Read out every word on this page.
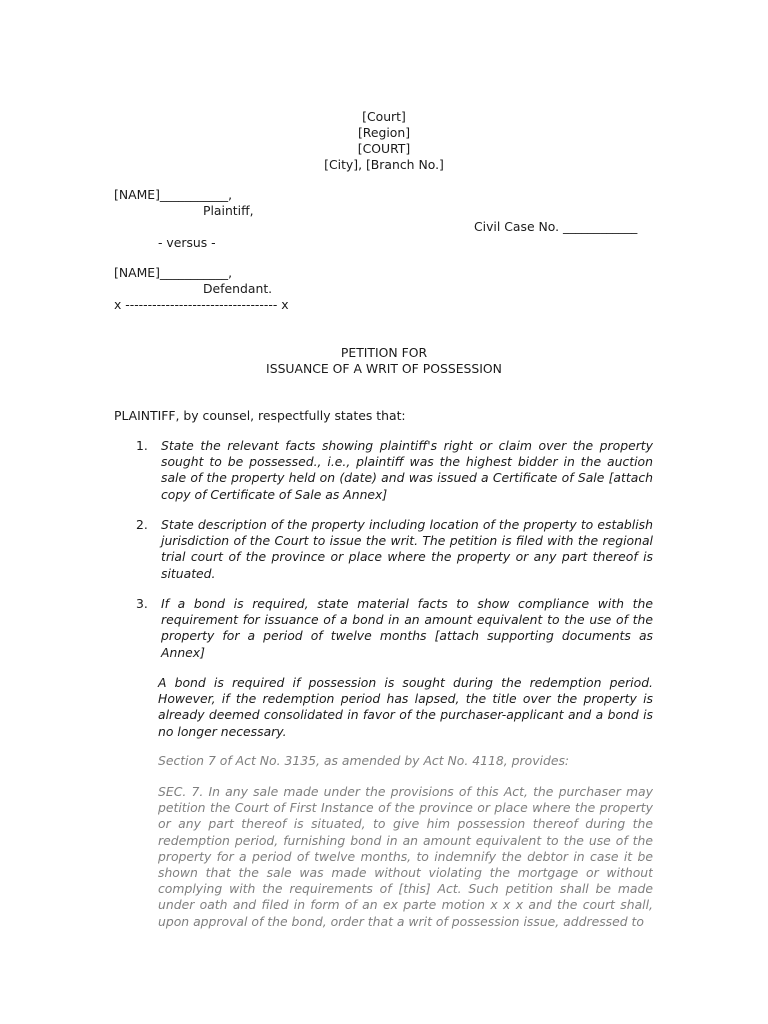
[Court]
[Region]
[COURT]
[City], [Branch No.]
[NAME]___________,
Plaintiff,
Civil Case No. ____________
- versus -
[NAME]___________,
Defendant.
x ---------------------------------- x
PETITION FOR
ISSUANCE OF A WRIT OF POSSESSION
PLAINTIFF, by counsel, respectfully states that:
1. State the relevant facts showing plaintiff's right or claim over the property sought to be possessed., i.e., plaintiff was the highest bidder in the auction sale of the property held on (date) and was issued a Certificate of Sale [attach copy of Certificate of Sale as Annex]
2. State description of the property including location of the property to establish jurisdiction of the Court to issue the writ. The petition is filed with the regional trial court of the province or place where the property or any part thereof is situated.
3. If a bond is required, state material facts to show compliance with the requirement for issuance of a bond in an amount equivalent to the use of the property for a period of twelve months [attach supporting documents as Annex]
A bond is required if possession is sought during the redemption period. However, if the redemption period has lapsed, the title over the property is already deemed consolidated in favor of the purchaser-applicant and a bond is no longer necessary.
Section 7 of Act No. 3135, as amended by Act No. 4118, provides:
SEC. 7. In any sale made under the provisions of this Act, the purchaser may petition the Court of First Instance of the province or place where the property or any part thereof is situated, to give him possession thereof during the redemption period, furnishing bond in an amount equivalent to the use of the property for a period of twelve months, to indemnify the debtor in case it be shown that the sale was made without violating the mortgage or without complying with the requirements of [this] Act. Such petition shall be made under oath and filed in form of an ex parte motion x x x and the court shall, upon approval of the bond, order that a writ of possession issue, addressed to
